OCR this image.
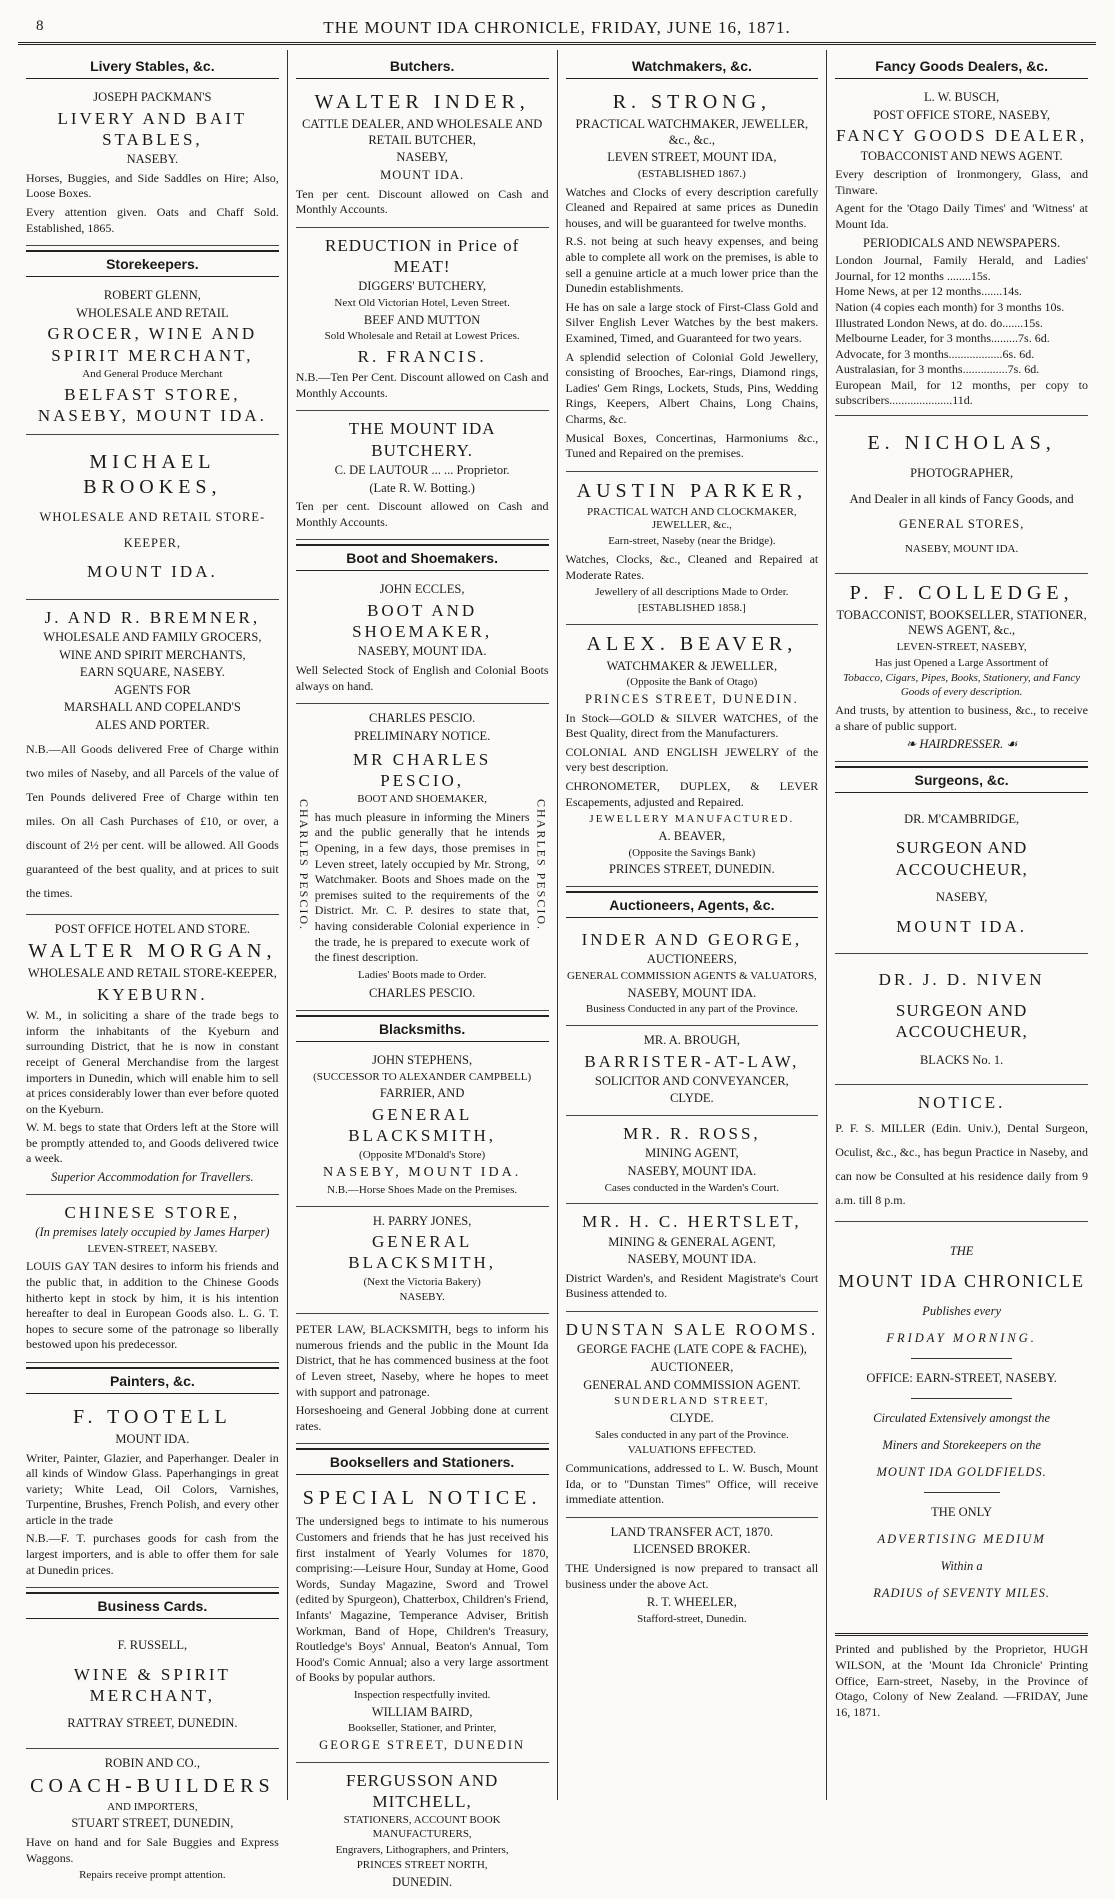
8	THE MOUNT IDA CHRONICLE, FRIDAY, JUNE 16, 1871.
Livery Stables, &c.

JOSEPH PACKMAN'S

LIVERY AND BAIT STABLES,

NASEBY.

Horses, Buggies, and Side Saddles on Hire; Also, Loose Boxes.
Every attention given. Oats and Chaff Sold. Established, 1865.
Storekeepers.

ROBERT GLENN,

WHOLESALE AND RETAIL

GROCER, WINE AND SPIRIT MERCHANT,

And General Produce Merchant

BELFAST STORE, NASEBY, MOUNT IDA.

MICHAEL BROOKES,

WHOLESALE AND RETAIL STORE-

KEEPER,

MOUNT IDA.

J. AND R. BREMNER,

WHOLESALE AND FAMILY GROCERS,

WINE AND SPIRIT MERCHANTS,

EARN SQUARE, NASEBY.

AGENTS FOR

MARSHALL AND COPELAND'S

ALES AND PORTER.

N.B.—All Goods delivered Free of Charge within two miles of Naseby, and all Parcels of the value of Ten Pounds delivered Free of Charge within ten miles. On all Cash Purchases of £10, or over, a discount of 2½ per cent. will be allowed. All Goods guaranteed of the best quality, and at prices to suit the times.

POST OFFICE HOTEL AND STORE.

WALTER MORGAN,

WHOLESALE AND RETAIL STORE-KEEPER,

KYEBURN.

W. M., in soliciting a share of the trade begs to inform the inhabitants of the Kyeburn and surrounding District, that he is now in constant receipt of General Merchandise from the largest importers in Dunedin, which will enable him to sell at prices considerably lower than ever before quoted on the Kyeburn.
W. M. begs to state that Orders left at the Store will be promptly attended to, and Goods delivered twice a week.

Superior Accommodation for Travellers.

CHINESE STORE,

(In premises lately occupied by James Harper)

LEVEN-STREET, NASEBY.

LOUIS GAY TAN desires to inform his friends and the public that, in addition to the Chinese Goods hitherto kept in stock by him, it is his intention hereafter to deal in European Goods also. L. G. T. hopes to secure some of the patronage so liberally bestowed upon his predecessor.
Painters, &c.

F. TOOTELL

MOUNT IDA.

Writer, Painter, Glazier, and Paperhanger. Dealer in all kinds of Window Glass. Paperhangings in great variety; White Lead, Oil Colors, Varnishes, Turpentine, Brushes, French Polish, and every other article in the trade
N.B.—F. T. purchases goods for cash from the largest importers, and is able to offer them for sale at Dunedin prices.
Business Cards.

F. RUSSELL,

WINE & SPIRIT MERCHANT,

RATTRAY STREET, DUNEDIN.

ROBIN AND CO.,

COACH-BUILDERS

AND IMPORTERS,

STUART STREET, DUNEDIN,

Have on hand and for Sale Buggies and Express Waggons.

Repairs receive prompt attention.

Butchers.

WALTER INDER,

CATTLE DEALER, AND WHOLESALE AND RETAIL BUTCHER,

NASEBY,

MOUNT IDA.

Ten per cent. Discount allowed on Cash and Monthly Accounts.

REDUCTION in Price of MEAT!

DIGGERS' BUTCHERY,

Next Old Victorian Hotel, Leven Street.

BEEF AND MUTTON

Sold Wholesale and Retail at Lowest Prices.

R. FRANCIS.

N.B.—Ten Per Cent. Discount allowed on Cash and Monthly Accounts.

THE MOUNT IDA BUTCHERY.

C. DE LAUTOUR ... ... Proprietor.

(Late R. W. Botting.)

Ten per cent. Discount allowed on Cash and Monthly Accounts.
Boot and Shoemakers.

JOHN ECCLES,

BOOT AND SHOEMAKER,

NASEBY, MOUNT IDA.

Well Selected Stock of English and Colonial Boots always on hand.

CHARLES PESCIO.

PRELIMINARY NOTICE.

CHARLES PESCIO.

MR CHARLES PESCIO,

BOOT AND SHOEMAKER,

has much pleasure in informing the Miners and the public generally that he intends Opening, in a few days, those premises in Leven street, lately occupied by Mr. Strong, Watchmaker. Boots and Shoes made on the premises suited to the requirements of the District. Mr. C. P. desires to state that, having considerable Colonial experience in the trade, he is prepared to execute work of the finest description.

Ladies' Boots made to Order.

CHARLES PESCIO.

CHARLES PESCIO.

Blacksmiths.

JOHN STEPHENS,

(SUCCESSOR TO ALEXANDER CAMPBELL)

FARRIER, AND

GENERAL BLACKSMITH,

(Opposite M'Donald's Store)

NASEBY, MOUNT IDA.

N.B.—Horse Shoes Made on the Premises.

H. PARRY JONES,

GENERAL BLACKSMITH,

(Next the Victoria Bakery)

NASEBY.

PETER LAW, BLACKSMITH, begs to inform his numerous friends and the public in the Mount Ida District, that he has commenced business at the foot of Leven street, Naseby, where he hopes to meet with support and patronage.
Horseshoeing and General Jobbing done at current rates.
Booksellers and Stationers.

SPECIAL NOTICE.

The undersigned begs to intimate to his numerous Customers and friends that he has just received his first instalment of Yearly Volumes for 1870, comprising:—Leisure Hour, Sunday at Home, Good Words, Sunday Magazine, Sword and Trowel (edited by Spurgeon), Chatterbox, Children's Friend, Infants' Magazine, Temperance Adviser, British Workman, Band of Hope, Children's Treasury, Routledge's Boys' Annual, Beaton's Annual, Tom Hood's Comic Annual; also a very large assortment of Books by popular authors.

Inspection respectfully invited.

WILLIAM BAIRD,

Bookseller, Stationer, and Printer,

GEORGE STREET, DUNEDIN

FERGUSSON AND MITCHELL,

STATIONERS, ACCOUNT BOOK MANUFACTURERS,

Engravers, Lithographers, and Printers,

PRINCES STREET NORTH,

DUNEDIN.

Watchmakers, &c.

R. STRONG,

PRACTICAL WATCHMAKER, JEWELLER, &c., &c.,

LEVEN STREET, MOUNT IDA,

(ESTABLISHED 1867.)

Watches and Clocks of every description carefully Cleaned and Repaired at same prices as Dunedin houses, and will be guaranteed for twelve months.
R.S. not being at such heavy expenses, and being able to complete all work on the premises, is able to sell a genuine article at a much lower price than the Dunedin establishments.
He has on sale a large stock of First-Class Gold and Silver English Lever Watches by the best makers. Examined, Timed, and Guaranteed for two years.
A splendid selection of Colonial Gold Jewellery, consisting of Brooches, Ear-rings, Diamond rings, Ladies' Gem Rings, Lockets, Studs, Pins, Wedding Rings, Keepers, Albert Chains, Long Chains, Charms, &c.
Musical Boxes, Concertinas, Harmoniums &c., Tuned and Repaired on the premises.

AUSTIN PARKER,

PRACTICAL WATCH AND CLOCKMAKER, JEWELLER, &c.,

Earn-street, Naseby (near the Bridge).

Watches, Clocks, &c., Cleaned and Repaired at Moderate Rates.

Jewellery of all descriptions Made to Order.

[ESTABLISHED 1858.]

ALEX. BEAVER,

WATCHMAKER & JEWELLER,

(Opposite the Bank of Otago)

PRINCES STREET, DUNEDIN.

In Stock—GOLD & SILVER WATCHES, of the Best Quality, direct from the Manufacturers.
COLONIAL AND ENGLISH JEWELRY of the very best description.
CHRONOMETER, DUPLEX, & LEVER Escapements, adjusted and Repaired.

JEWELLERY MANUFACTURED.

A. BEAVER,

(Opposite the Savings Bank)

PRINCES STREET, DUNEDIN.

Auctioneers, Agents, &c.

INDER AND GEORGE,

AUCTIONEERS,

GENERAL COMMISSION AGENTS & VALUATORS,

NASEBY, MOUNT IDA.

Business Conducted in any part of the Province.

MR. A. BROUGH,

BARRISTER-AT-LAW,

SOLICITOR AND CONVEYANCER,

CLYDE.

MR. R. ROSS,

MINING AGENT,

NASEBY, MOUNT IDA.

Cases conducted in the Warden's Court.

MR. H. C. HERTSLET,

MINING & GENERAL AGENT,

NASEBY, MOUNT IDA.

District Warden's, and Resident Magistrate's Court Business attended to.

DUNSTAN SALE ROOMS.

GEORGE FACHE (LATE COPE & FACHE),

AUCTIONEER,

GENERAL AND COMMISSION AGENT.

SUNDERLAND STREET,

CLYDE.

Sales conducted in any part of the Province.

VALUATIONS EFFECTED.

Communications, addressed to L. W. Busch, Mount Ida, or to "Dunstan Times" Office, will receive immediate attention.

LAND TRANSFER ACT, 1870.

LICENSED BROKER.

THE Undersigned is now prepared to transact all business under the above Act.

R. T. WHEELER,

Stafford-street, Dunedin.

Fancy Goods Dealers, &c.

L. W. BUSCH,

POST OFFICE STORE, NASEBY,

FANCY GOODS DEALER,

TOBACCONIST AND NEWS AGENT.

Every description of Ironmongery, Glass, and Tinware.
Agent for the 'Otago Daily Times' and 'Witness' at Mount Ida.

PERIODICALS AND NEWSPAPERS.

London Journal, Family Herald, and Ladies' Journal, for 12 months ........15s.
Home News, at per 12 months.......14s.
Nation (4 copies each month) for 3 months 10s.
Illustrated London News, at do. do.......15s.
Melbourne Leader, for 3 months.........7s. 6d.
Advocate, for 3 months..................6s. 6d.
Australasian, for 3 months...............7s. 6d.
European Mail, for 12 months, per copy to subscribers.....................11d.

E. NICHOLAS,

PHOTOGRAPHER,

And Dealer in all kinds of Fancy Goods, and

GENERAL STORES,

NASEBY, MOUNT IDA.

P. F. COLLEDGE,

TOBACCONIST, BOOKSELLER, STATIONER, NEWS AGENT, &c.,

LEVEN-STREET, NASEBY,

Has just Opened a Large Assortment of

Tobacco, Cigars, Pipes, Books, Stationery, and Fancy Goods of every description.

And trusts, by attention to business, &c., to receive a share of public support.

❧ HAIRDRESSER. ☙

Surgeons, &c.

DR. M'CAMBRIDGE,

SURGEON AND ACCOUCHEUR,

NASEBY,

MOUNT IDA.

DR. J. D. NIVEN

SURGEON AND ACCOUCHEUR,

BLACKS No. 1.

NOTICE.

P. F. S. MILLER (Edin. Univ.), Dental Surgeon, Oculist, &c., &c., has begun Practice in Naseby, and can now be Consulted at his residence daily from 9 a.m. till 8 p.m.

THE

MOUNT IDA CHRONICLE

Publishes every

FRIDAY MORNING.

OFFICE: EARN-STREET, NASEBY.

Circulated Extensively amongst the

Miners and Storekeepers on the

MOUNT IDA GOLDFIELDS.

THE ONLY

ADVERTISING MEDIUM

Within a

RADIUS of SEVENTY MILES.

Printed and published by the Proprietor, HUGH WILSON, at the 'Mount Ida Chronicle' Printing Office, Earn-street, Naseby, in the Province of Otago, Colony of New Zealand. —FRIDAY, June 16, 1871.
